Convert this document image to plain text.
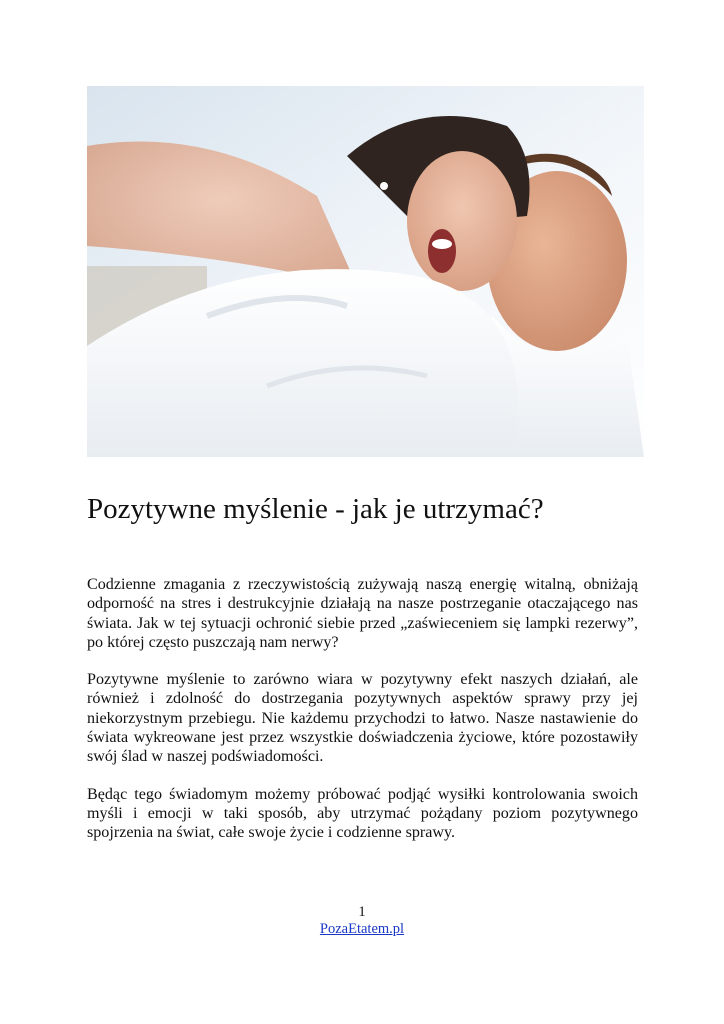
Pozytywne myślenie - jak je utrzymać?

Codzienne zmagania z rzeczywistością zużywają naszą energię witalną, obniżają odporność na stres i destrukcyjnie działają na nasze postrzeganie otaczającego nas świata. Jak w tej sytuacji ochronić siebie przed „zaświeceniem się lampki rezerwy”, po której często puszczają nam nerwy?

Pozytywne myślenie to zarówno wiara w pozytywny efekt naszych działań, ale również i zdolność do dostrzegania pozytywnych aspektów sprawy przy jej niekorzystnym przebiegu. Nie każdemu przychodzi to łatwo. Nasze nastawienie do świata wykreowane jest przez wszystkie doświadczenia życiowe, które pozostawiły swój ślad w naszej podświadomości.

Będąc tego świadomym możemy próbować podjąć wysiłki kontrolowania swoich myśli i emocji w taki sposób, aby utrzymać pożądany poziom pozytywnego spojrzenia na świat, całe swoje życie i codzienne sprawy.

1
PozaEtatem.pl
